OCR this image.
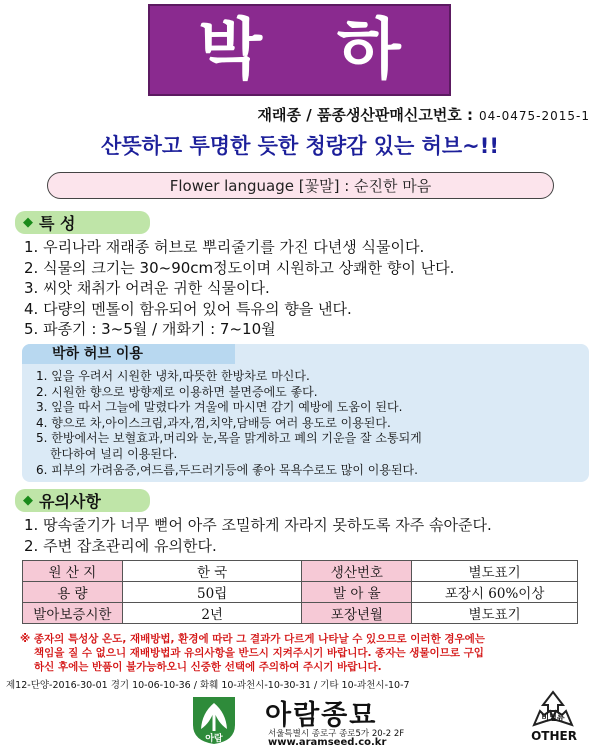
박 하
재래종 / 품종생산판매신고번호 : 04-0475-2015-1
산뜻하고 투명한 듯한 청량감 있는 허브~!!
Flower language [꽃말] : 순진한 마음
◆ 특 성
1. 우리나라 재래종 허브로 뿌리줄기를 가진 다년생 식물이다.
2. 식물의 크기는 30~90cm정도이며 시원하고 상쾌한 향이 난다.
3. 씨앗 채취가 어려운 귀한 식물이다.
4. 다량의 멘톨이 함유되어 있어 특유의 향을 낸다.
5. 파종기 : 3~5월 / 개화기 : 7~10월
박하 허브 이용
1. 잎을 우려서 시원한 냉차,따뜻한 한방차로 마신다.
2. 시원한 향으로 방향제로 이용하면 불면증에도 좋다.
3. 잎을 따서 그늘에 말렸다가 겨울에 마시면 감기 예방에 도움이 된다.
4. 향으로 차,아이스크림,과자,껌,치약,담배등 여러 용도로 이용된다.
5. 한방에서는 보혈효과,머리와 눈,목을 맑게하고 폐의 기운을 잘 소통되게
한다하여 널리 이용된다.
6. 피부의 가려움증,여드름,두드러기등에 좋아 목욕수로도 많이 이용된다.
◆ 유의사항
1. 땅속줄기가 너무 뻗어 아주 조밀하게 자라지 못하도록 자주 솎아준다.
2. 주변 잡초관리에 유의한다.
원 산 지	한 국	생산번호	별도표기
용 량	50립	발 아 율	포장시 60%이상
발아보증시한	2년	포장년월	별도표기
※ 종자의 특성상 온도, 재배방법, 환경에 따라 그 결과가 다르게 나타날 수 있으므로 이러한 경우에는
책임을 질 수 없으니 재배방법과 유의사항을 반드시 지켜주시기 바랍니다. 종자는 생물이므로 구입
하신 후에는 반품이 불가능하오니 신중한 선택에 주의하여 주시기 바랍니다.
제12-단양-2016-30-01 경기 10-06-10-36 / 화훼 10-과천시-10-30-31 / 기타 10-과천시-10-7
아람
아람종묘
서울특별시 종로구 종로5가 20-2 2F
www.aramseed.co.kr
비닐류
OTHER
